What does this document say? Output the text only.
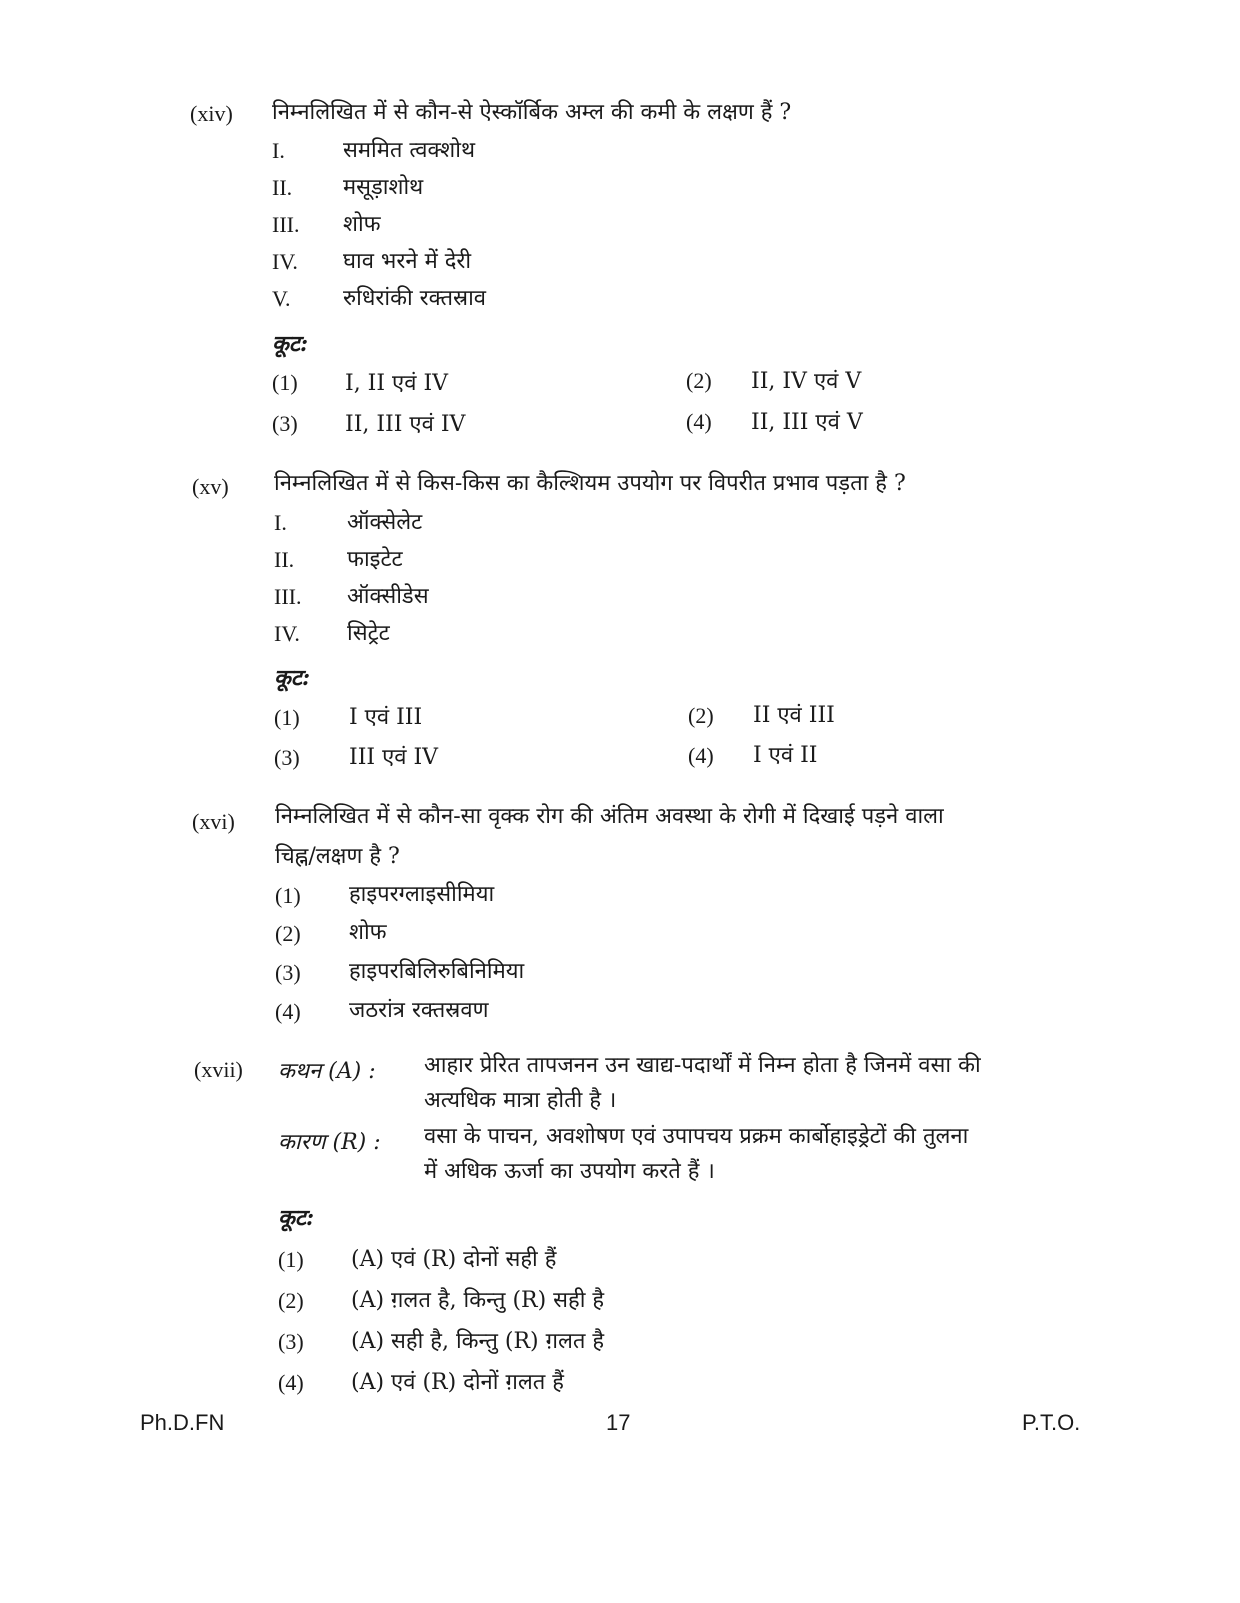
(xiv) निम्नलिखित में से कौन-से ऐस्कॉर्बिक अम्ल की कमी के लक्षण हैं ?
I.	सममित त्वक्शोथ
II. मसूड़ाशोथ
III. शोफ
IV. घाव भरने में देरी
V. रुधिरांकी रक्तस्राव
कूट:
(1) I, II एवं IV	(2) II, IV एवं V
(3) II, III एवं IV	(4) II, III एवं V
(xv) निम्नलिखित में से किस-किस का कैल्शियम उपयोग पर विपरीत प्रभाव पड़ता है ?
I.	ऑक्सेलेट
II. फाइटेट
III. ऑक्सीडेस
IV. सिट्रेट
कूट:
(1) I एवं III	(2) II एवं III
(3) III एवं IV	(4) I एवं II
(xvi) निम्नलिखित में से कौन-सा वृक्क रोग की अंतिम अवस्था के रोगी में दिखाई पड़ने वाला
चिह्न/लक्षण है ?
(1) हाइपरग्लाइसीमिया
(2) शोफ
(3) हाइपरबिलिरुबिनिमिया
(4) जठरांत्र रक्तस्रवण
(xvii) कथन (A) : आहार प्रेरित तापजनन उन खाद्य-पदार्थों में निम्न होता है जिनमें वसा की
अत्यधिक मात्रा होती है ।
कारण (R) : वसा के पाचन, अवशोषण एवं उपापचय प्रक्रम कार्बोहाइड्रेटों की तुलना
में अधिक ऊर्जा का उपयोग करते हैं ।
कूट:
(1) (A) एवं (R) दोनों सही हैं
(2) (A) ग़लत है, किन्तु (R) सही है
(3) (A) सही है, किन्तु (R) ग़लत है
(4) (A) एवं (R) दोनों ग़लत हैं
Ph.D.FN	17	P.T.O.
